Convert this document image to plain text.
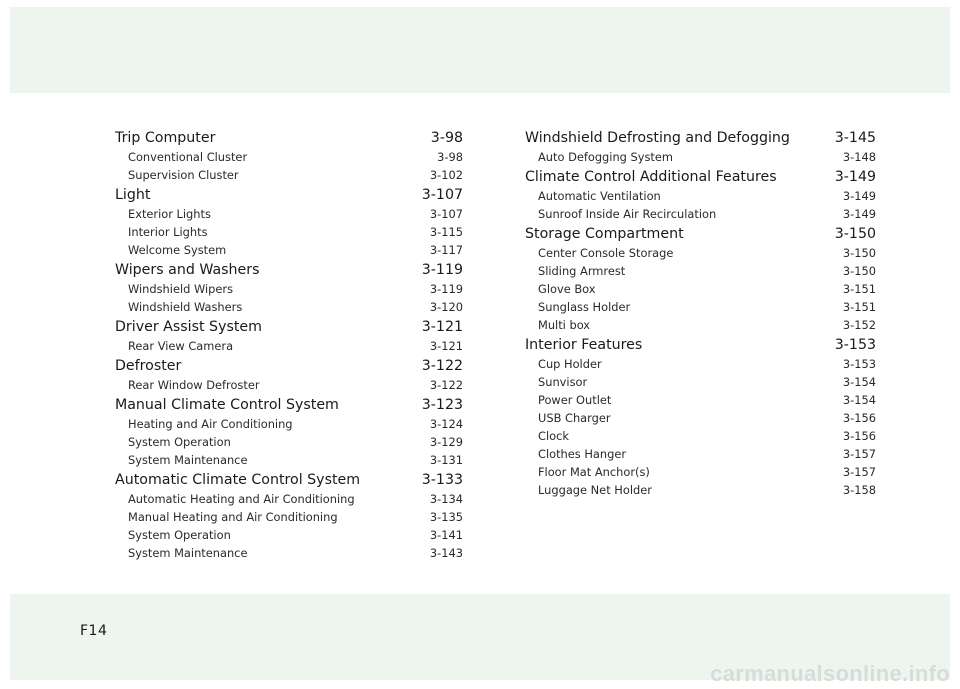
Trip Computer	3-98
Conventional Cluster	3-98
Supervision Cluster	3-102
Light	3-107
Exterior Lights	3-107
Interior Lights	3-115
Welcome System	3-117
Wipers and Washers	3-119
Windshield Wipers	3-119
Windshield Washers	3-120
Driver Assist System	3-121
Rear View Camera	3-121
Defroster	3-122
Rear Window Defroster	3-122
Manual Climate Control System	3-123
Heating and Air Conditioning	3-124
System Operation	3-129
System Maintenance	3-131
Automatic Climate Control System	3-133
Automatic Heating and Air Conditioning	3-134
Manual Heating and Air Conditioning	3-135
System Operation	3-141
System Maintenance	3-143
Windshield Defrosting and Defogging	3-145
Auto Defogging System	3-148
Climate Control Additional Features	3-149
Automatic Ventilation	3-149
Sunroof Inside Air Recirculation	3-149
Storage Compartment	3-150
Center Console Storage	3-150
Sliding Armrest	3-150
Glove Box	3-151
Sunglass Holder	3-151
Multi box	3-152
Interior Features	3-153
Cup Holder	3-153
Sunvisor	3-154
Power Outlet	3-154
USB Charger	3-156
Clock	3-156
Clothes Hanger	3-157
Floor Mat Anchor(s)	3-157
Luggage Net Holder	3-158
F14
carmanualsonline.info
